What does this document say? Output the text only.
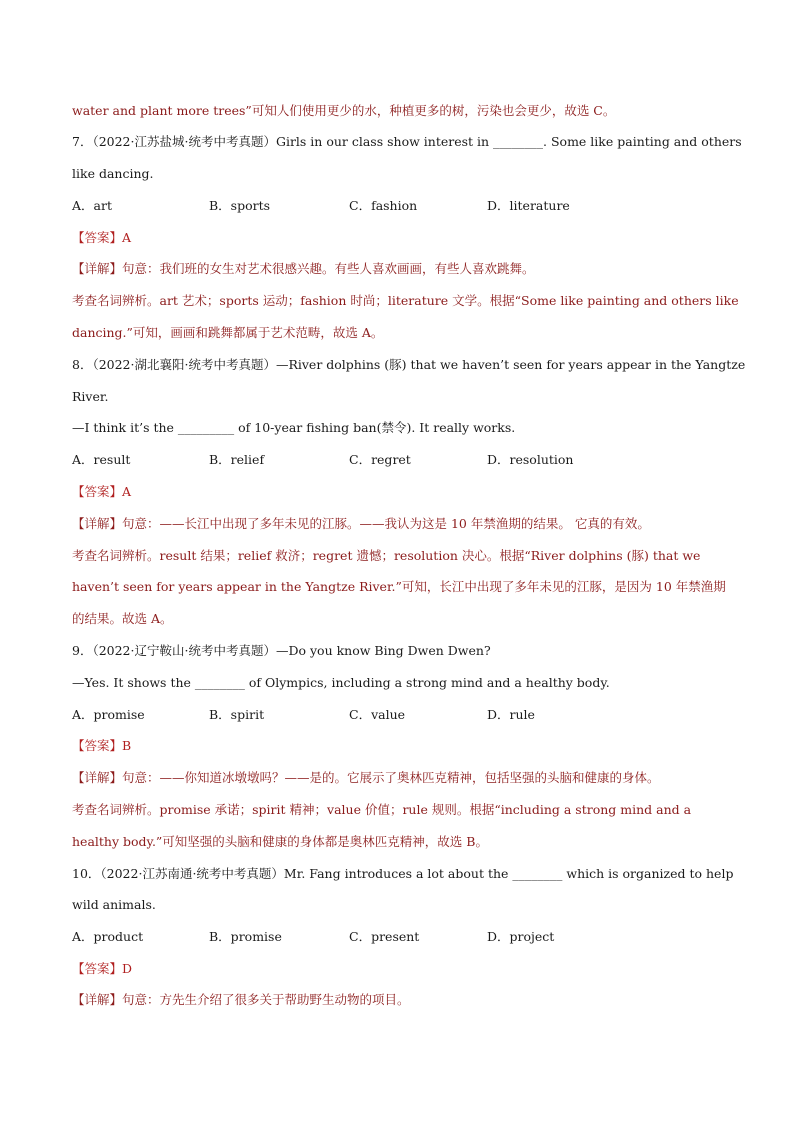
water and plant more trees”可知人们使用更少的水，种植更多的树，污染也会更少，故选 C。
7．（2022·江苏盐城·统考中考真题）Girls in our class show interest in ________. Some like painting and others
like dancing.
A．art	B．sports	C．fashion	D．literature
【答案】A
【详解】句意：我们班的女生对艺术很感兴趣。有些人喜欢画画，有些人喜欢跳舞。
考查名词辨析。art 艺术；sports 运动；fashion 时尚；literature 文学。根据“Some like painting and others like
dancing.”可知，画画和跳舞都属于艺术范畴，故选 A。
8．（2022·湖北襄阳·统考中考真题）—River dolphins (豚) that we haven’t seen for years appear in the Yangtze
River.
—I think it’s the _________ of 10-year fishing ban(禁令). It really works.
A．result	B．relief	C．regret	D．resolution
【答案】A
【详解】句意：——长江中出现了多年未见的江豚。——我认为这是 10 年禁渔期的结果。 它真的有效。
考查名词辨析。result 结果；relief 救济；regret 遗憾；resolution 决心。根据“River dolphins (豚) that we
haven’t seen for years appear in the Yangtze River.”可知，长江中出现了多年未见的江豚，是因为 10 年禁渔期
的结果。故选 A。
9．（2022·辽宁鞍山·统考中考真题）—Do you know Bing Dwen Dwen?
—Yes. It shows the ________ of Olympics, including a strong mind and a healthy body.
A．promise	B．spirit	C．value	D．rule
【答案】B
【详解】句意：——你知道冰墩墩吗？——是的。它展示了奥林匹克精神，包括坚强的头脑和健康的身体。
考查名词辨析。promise 承诺；spirit 精神；value 价值；rule 规则。根据“including a strong mind and a
healthy body.”可知坚强的头脑和健康的身体都是奥林匹克精神，故选 B。
10．（2022·江苏南通·统考中考真题）Mr. Fang introduces a lot about the ________ which is organized to help
wild animals.
A．product	B．promise	C．present	D．project
【答案】D
【详解】句意：方先生介绍了很多关于帮助野生动物的项目。
